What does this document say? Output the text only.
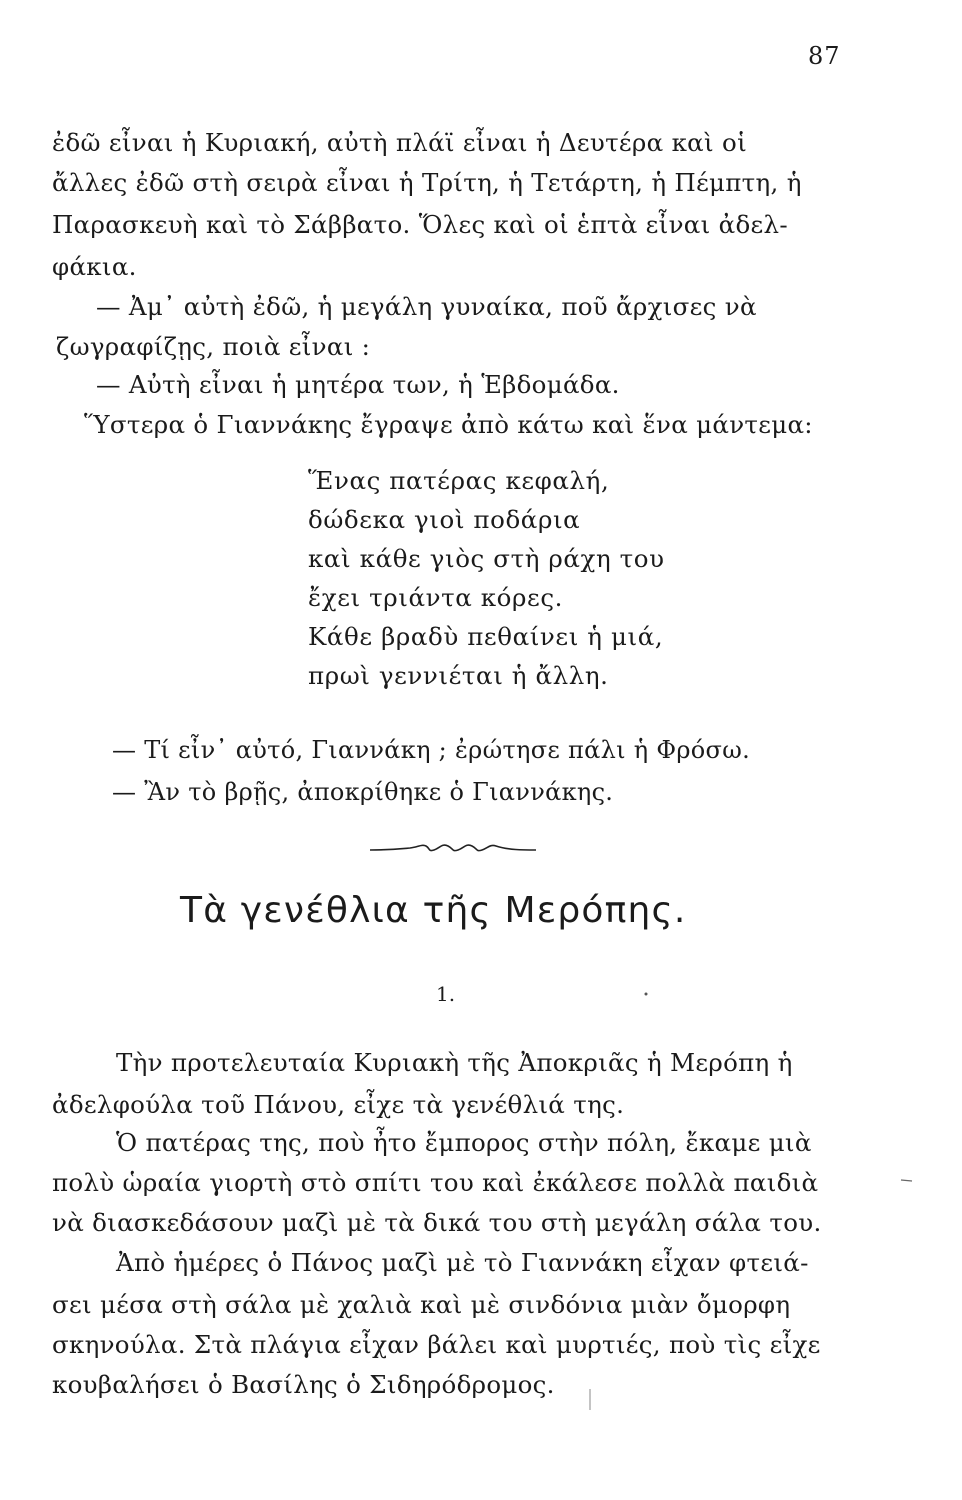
87
ἐδῶ εἶναι ἡ Κυριακή, αὐτὴ πλάϊ εἶναι ἡ Δευτέρα καὶ οἱ
ἄλλες ἐδῶ στὴ σειρὰ εἶναι ἡ Τρίτη, ἡ Τετάρτη, ἡ Πέμπτη, ἡ
Παρασκευὴ καὶ τὸ Σάββατο. Ὅλες καὶ οἱ ἑπτὰ εἶναι ἀδελ-
φάκια.
— Ἀμ᾽ αὐτὴ ἐδῶ, ἡ μεγάλη γυναίκα, ποῦ ἄρχισες νὰ
ζωγραφίζῃς, ποιὰ εἶναι :
— Αὐτὴ εἶναι ἡ μητέρα των, ἡ Ἑβδομάδα.
Ὕστερα ὁ Γιαννάκης ἔγραψε ἀπὸ κάτω καὶ ἕνα μάντεμα:
Ἕνας πατέρας κεφαλή,
δώδεκα γιοὶ ποδάρια
καὶ κάθε γιὸς στὴ ράχη του
ἔχει τριάντα κόρες.
Κάθε βραδὺ πεθαίνει ἡ μιά,
πρωὶ γεννιέται ἡ ἄλλη.
— Τί εἶν᾽ αὐτό, Γιαννάκη ; ἐρώτησε πάλι ἡ Φρόσω.
— Ἂν τὸ βρῇς, ἀποκρίθηκε ὁ Γιαννάκης.
Τὰ γενέθλια τῆς Μερόπης.
1.
Τὴν προτελευταία Κυριακὴ τῆς Ἀποκριᾶς ἡ Μερόπη ἡ
ἀδελφούλα τοῦ Πάνου, εἶχε τὰ γενέθλιά της.
Ὁ πατέρας της, ποὺ ἦτο ἔμπορος στὴν πόλη, ἔκαμε μιὰ
πολὺ ὡραία γιορτὴ στὸ σπίτι του καὶ ἐκάλεσε πολλὰ παιδιὰ
νὰ διασκεδάσουν μαζὶ μὲ τὰ δικά του στὴ μεγάλη σάλα του.
Ἀπὸ ἡμέρες ὁ Πάνος μαζὶ μὲ τὸ Γιαννάκη εἶχαν φτειά-
σει μέσα στὴ σάλα μὲ χαλιὰ καὶ μὲ σινδόνια μιὰν ὄμορφη
σκηνούλα. Στὰ πλάγια εἶχαν βάλει καὶ μυρτιές, ποὺ τὶς εἶχε
κουβαλήσει ὁ Βασίλης ὁ Σιδηρόδρομος.
